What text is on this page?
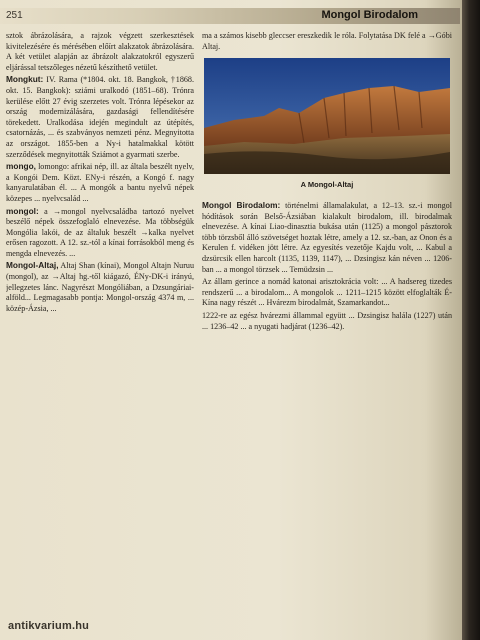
251	Mongol Birodalom

sztok ábrázolására, a rajzok végzett szerkesztések kivitelezésére és mérésében előírt alakzatok ábrázolására. A két vetület alapján az ábrázolt alakzatokról egyszerű eljárással tetszőleges nézetű készíthető vetület.

Mongkut: IV. Rama (*1804. okt. 18. Bangkok, †1868. okt. 15. Bangkok): sziámi uralkodó (1851–68). Trónra kerülése előtt 27 évig szerzetes volt. Trónra lépésekor az ország modernizálására, gazdasági fellendítésére törekedett. Uralkodása idején megindult az útépítés, csatornázás, ... és szabványos nemzeti pénz. Megnyitotta az országot. 1855-ben a Ny-i hatalmakkal kötött szerződések megnyitották Sziámot a gyarmati szerbe.

mongo, lomongo: afrikai nép, ill. az általa beszélt nyelv, a Kongói Dem. Közt. ENy-i részén, a Kongó f. nagy kanyarulatában él. ... A mongók a bantu nyelvű népek közepes ... nyelvcsalád ...

mongol: a →mongol nyelvcsaládba tartozó nyelvet beszélő népek összefoglaló elnevezése. Ma többségük Mongólia lakói, de az általuk beszélt →kalka nyelvet erősen ragozott. A 12. sz.-tól a kínai forrásokból meng és mengda elnevezés. ...

Mongol-Altaj, Altaj Shan (kínai), Mongol Altajn Nuruu (mongol), az →Altaj hg.-től kiágazó, ÉNy-DK-i irányú, jellegzetes lánc. Nagyrészt Mongóliában, a Dzsungáriai-alföld... Legmagasabb pontja: Mongol-ország 4374 m, ... közép-Ázsia, ...

ma a számos kisebb gleccser ereszkedik le róla. Folytatása DK felé a →Góbi Altaj.

A Mongol-Altaj

Mongol Birodalom: történelmi államalakulat, a 12–13. sz.-i mongol hódítások során Belső-Ázsiában kialakult birodalom, ill. birodalmak elnevezése. A kínai Liao-dinasztia bukása után (1125) a mongol pásztorok több törzsből álló szövetséget hoztak létre, amely a 12. sz.-ban, az Onon és a Kerulen f. vidéken jött létre. Az egyesítés vezetője Kajdu volt, ... Kabul a dzsürcsik ellen harcolt (1135, 1139, 1147), ... Dzsingisz kán néven ... 1206-ban ... a mongol törzsek ... Temüdzsin ...

Az állam gerince a nomád katonai arisztokrácia volt: ... A hadsereg tizedes rendszerű ... a birodalom... A mongolok ... 1211–1215 között elfoglalták É-Kína nagy részét ... Hvárezm birodalmát, Szamarkandot...

1222-re az egész hvárezmi állammal együtt ... Dzsingisz halála (1227) után ... 1236–42 ... a nyugati hadjárat (1236–42).

antikvarium.hu
